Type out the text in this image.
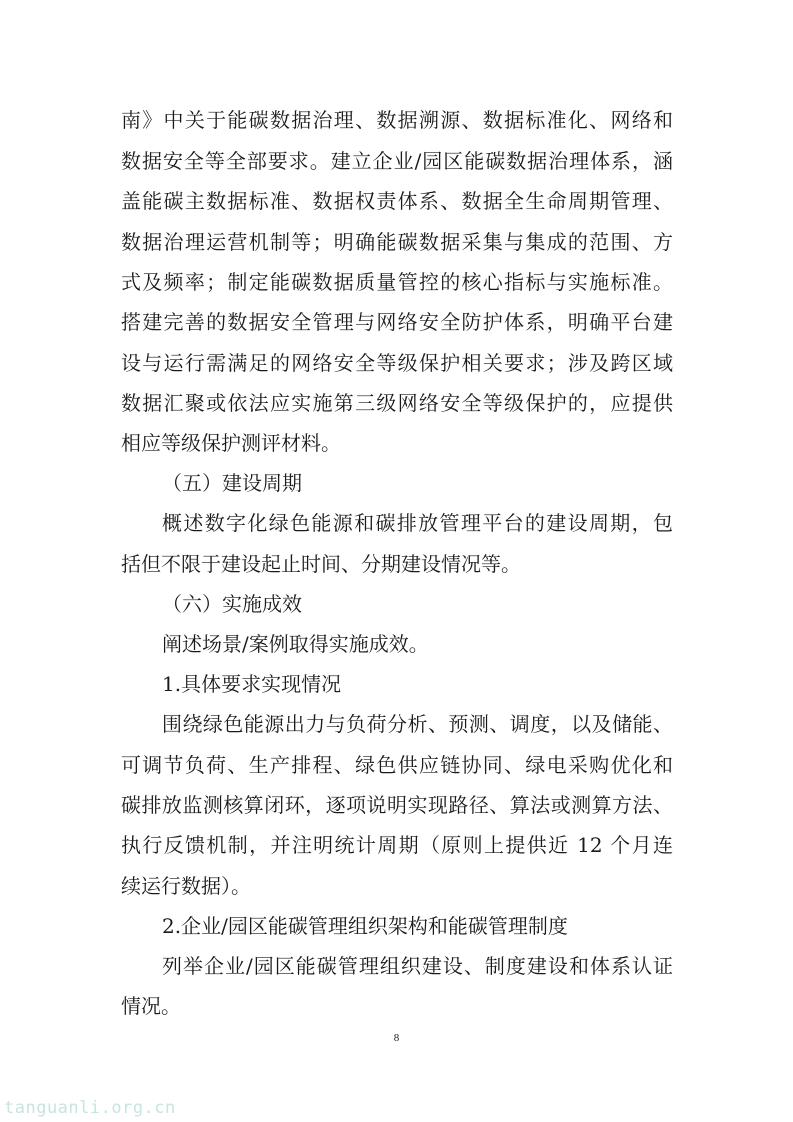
南》中关于能碳数据治理、数据溯源、数据标准化、网络和
数据安全等全部要求。建立企业/园区能碳数据治理体系，涵
盖能碳主数据标准、数据权责体系、数据全生命周期管理、
数据治理运营机制等；明确能碳数据采集与集成的范围、方
式及频率；制定能碳数据质量管控的核心指标与实施标准。
搭建完善的数据安全管理与网络安全防护体系，明确平台建
设与运行需满足的网络安全等级保护相关要求；涉及跨区域
数据汇聚或依法应实施第三级网络安全等级保护的，应提供
相应等级保护测评材料。
（五）建设周期
概述数字化绿色能源和碳排放管理平台的建设周期，包
括但不限于建设起止时间、分期建设情况等。
（六）实施成效
阐述场景/案例取得实施成效。
1.具体要求实现情况
围绕绿色能源出力与负荷分析、预测、调度，以及储能、
可调节负荷、生产排程、绿色供应链协同、绿电采购优化和
碳排放监测核算闭环，逐项说明实现路径、算法或测算方法、
执行反馈机制，并注明统计周期（原则上提供近 12 个月连
续运行数据）。
2.企业/园区能碳管理组织架构和能碳管理制度
列举企业/园区能碳管理组织建设、制度建设和体系认证
情况。
8
tanguanli.org.cn
